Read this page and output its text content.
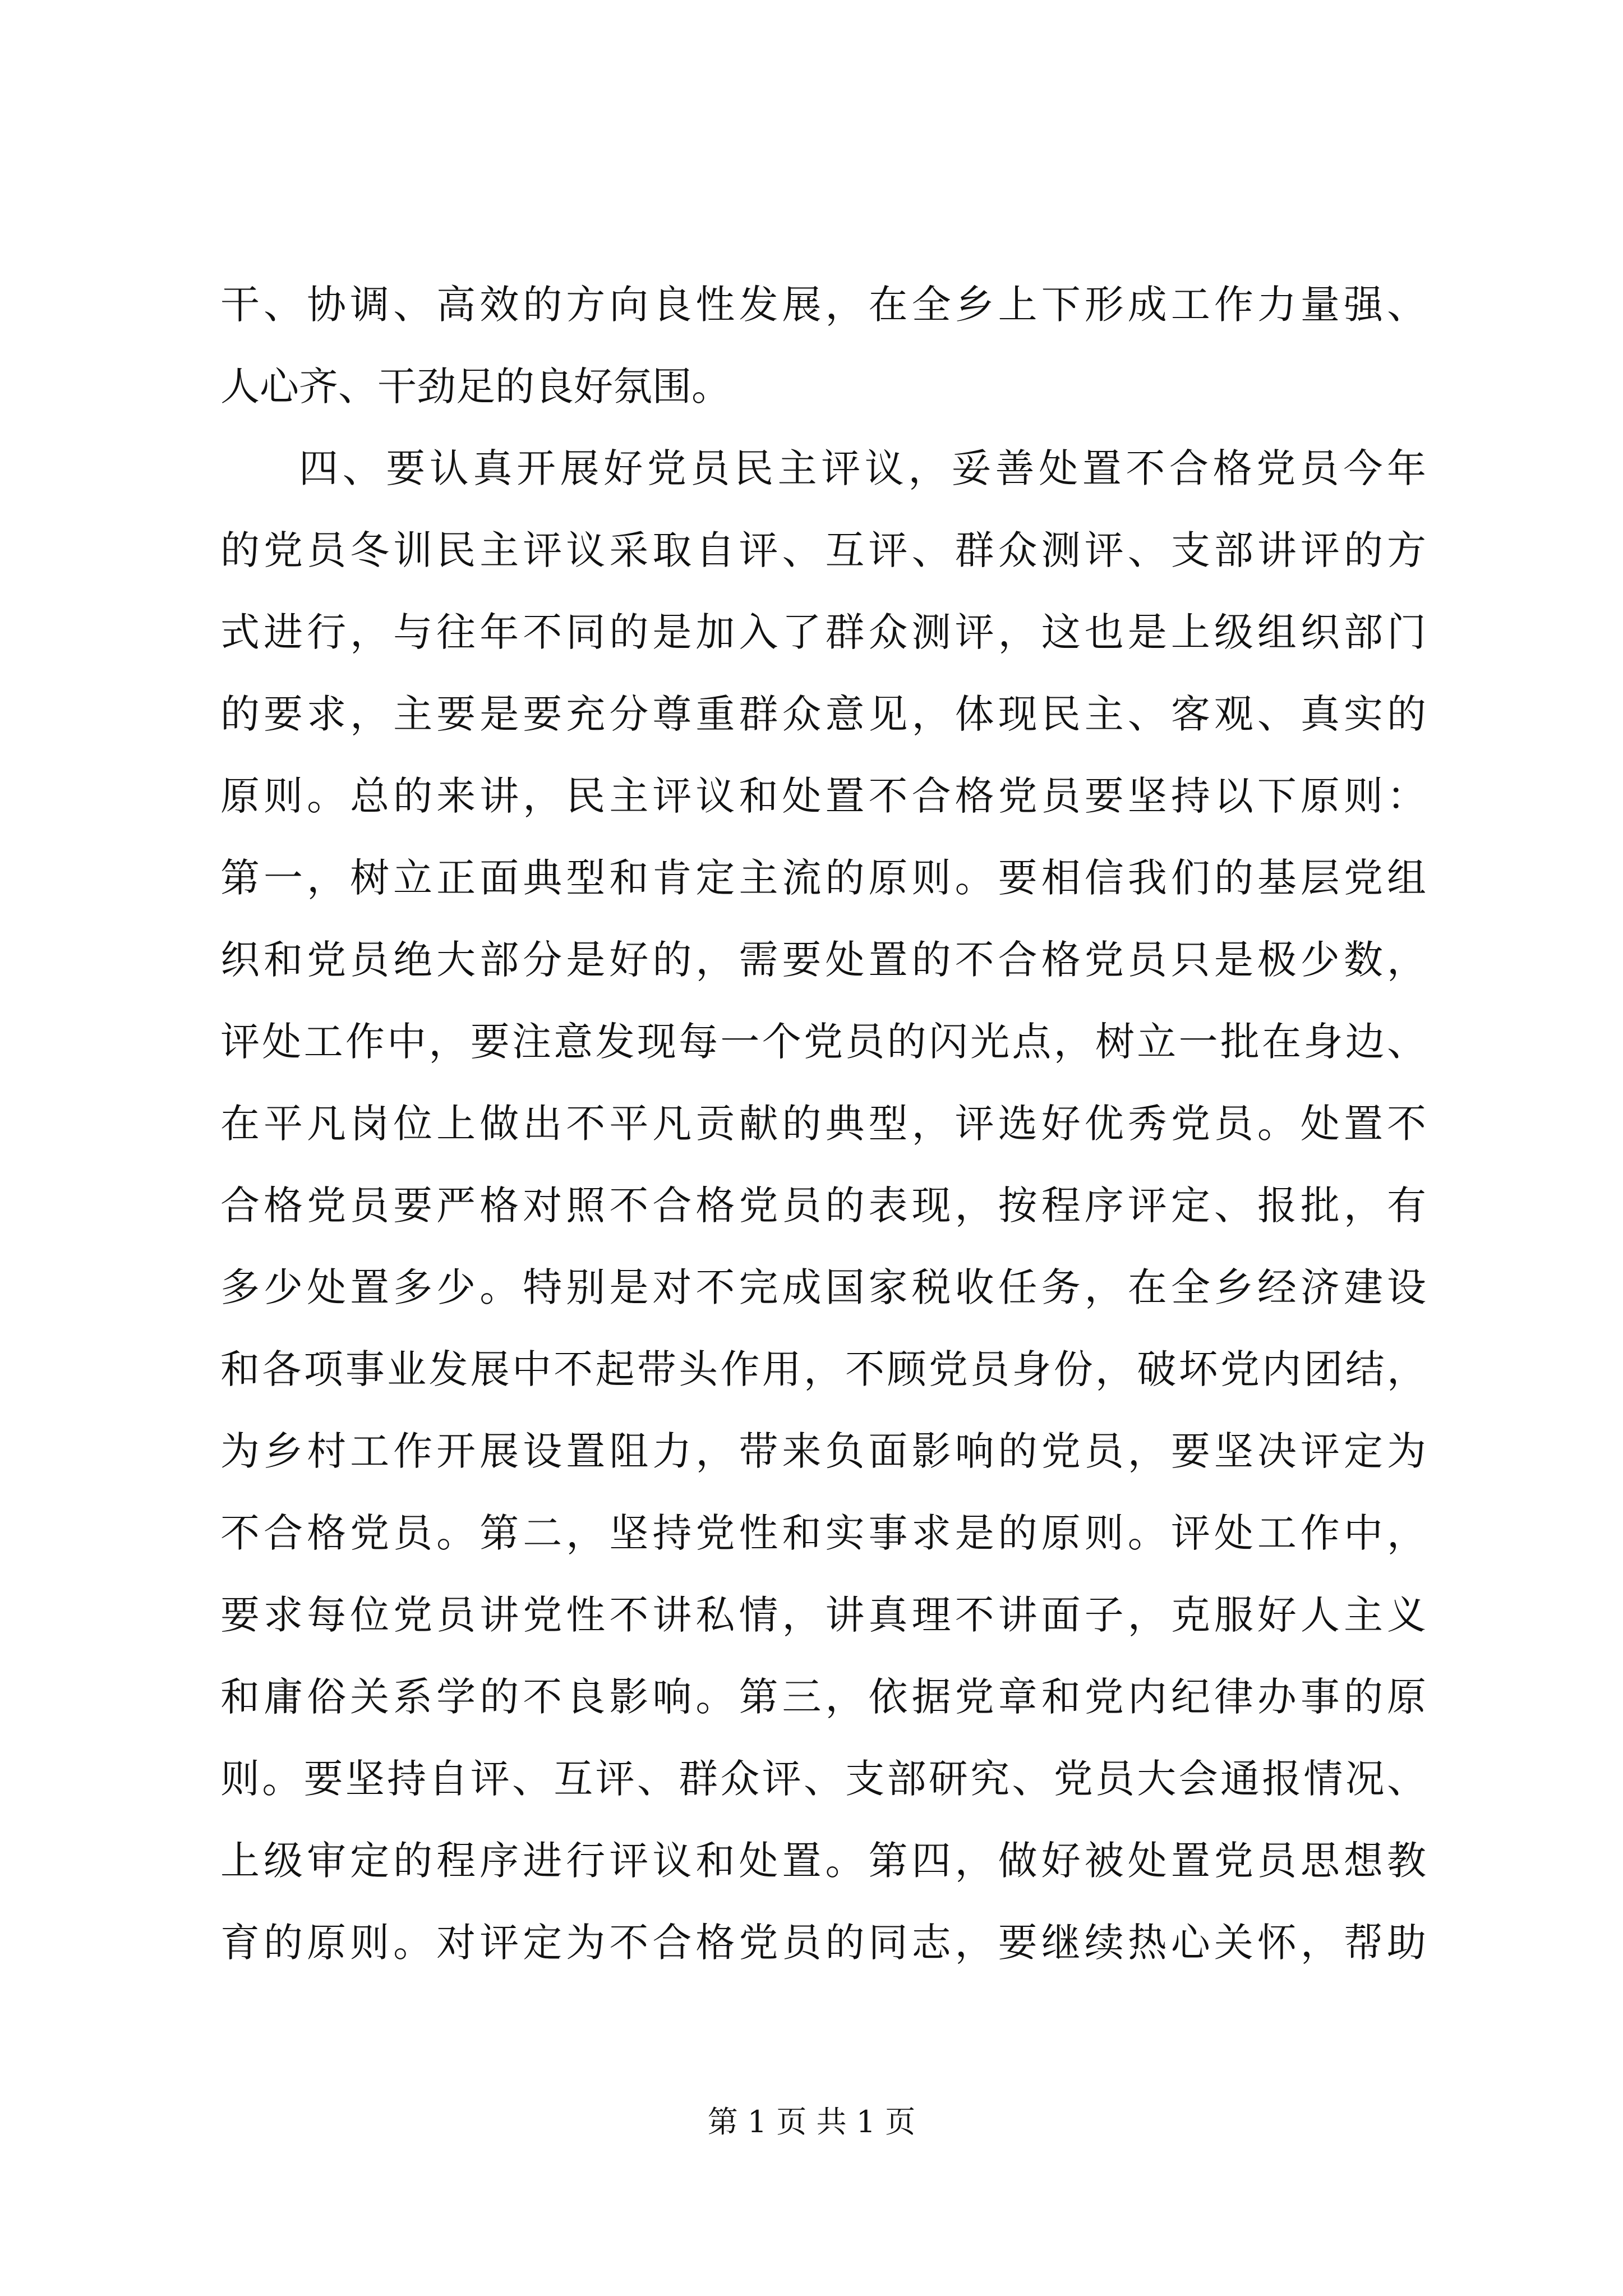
干、协调、高效的方向良性发展，在全乡上下形成工作力量强、
人心齐、干劲足的良好氛围。
四、要认真开展好党员民主评议，妥善处置不合格党员今年
的党员冬训民主评议采取自评、互评、群众测评、支部讲评的方
式进行，与往年不同的是加入了群众测评，这也是上级组织部门
的要求，主要是要充分尊重群众意见，体现民主、客观、真实的
原则。总的来讲，民主评议和处置不合格党员要坚持以下原则：
第一，树立正面典型和肯定主流的原则。要相信我们的基层党组
织和党员绝大部分是好的，需要处置的不合格党员只是极少数，
评处工作中，要注意发现每一个党员的闪光点，树立一批在身边、
在平凡岗位上做出不平凡贡献的典型，评选好优秀党员。处置不
合格党员要严格对照不合格党员的表现，按程序评定、报批，有
多少处置多少。特别是对不完成国家税收任务，在全乡经济建设
和各项事业发展中不起带头作用，不顾党员身份，破坏党内团结，
为乡村工作开展设置阻力，带来负面影响的党员，要坚决评定为
不合格党员。第二，坚持党性和实事求是的原则。评处工作中，
要求每位党员讲党性不讲私情，讲真理不讲面子，克服好人主义
和庸俗关系学的不良影响。第三，依据党章和党内纪律办事的原
则。要坚持自评、互评、群众评、支部研究、党员大会通报情况、
上级审定的程序进行评议和处置。第四，做好被处置党员思想教
育的原则。对评定为不合格党员的同志，要继续热心关怀，帮助
第 1 页 共 1 页
